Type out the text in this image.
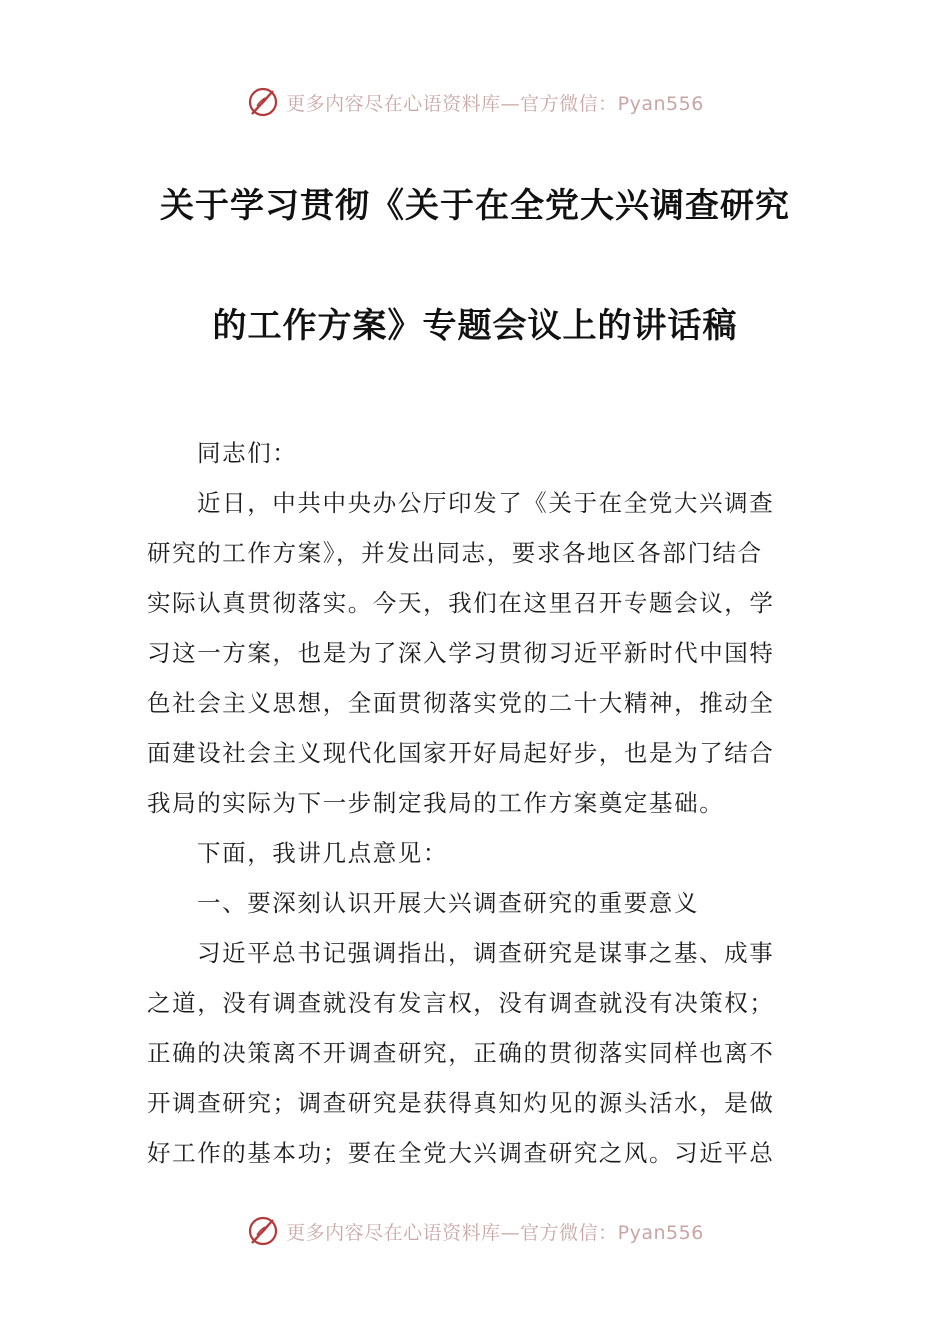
更多内容尽在心语资料库—官方微信：Pyan556
关于学习贯彻《关于在全党大兴调查研究
的工作方案》专题会议上的讲话稿

同志们：

近日，中共中央办公厅印发了《关于在全党大兴调查
研究的工作方案》，并发出同志，要求各地区各部门结合
实际认真贯彻落实。今天，我们在这里召开专题会议，学
习这一方案，也是为了深入学习贯彻习近平新时代中国特
色社会主义思想，全面贯彻落实党的二十大精神，推动全
面建设社会主义现代化国家开好局起好步，也是为了结合
我局的实际为下一步制定我局的工作方案奠定基础。

下面，我讲几点意见：

一、要深刻认识开展大兴调查研究的重要意义

习近平总书记强调指出，调查研究是谋事之基、成事
之道，没有调查就没有发言权，没有调查就没有决策权；
正确的决策离不开调查研究，正确的贯彻落实同样也离不
开调查研究；调查研究是获得真知灼见的源头活水，是做
好工作的基本功；要在全党大兴调查研究之风。习近平总

更多内容尽在心语资料库—官方微信：Pyan556
